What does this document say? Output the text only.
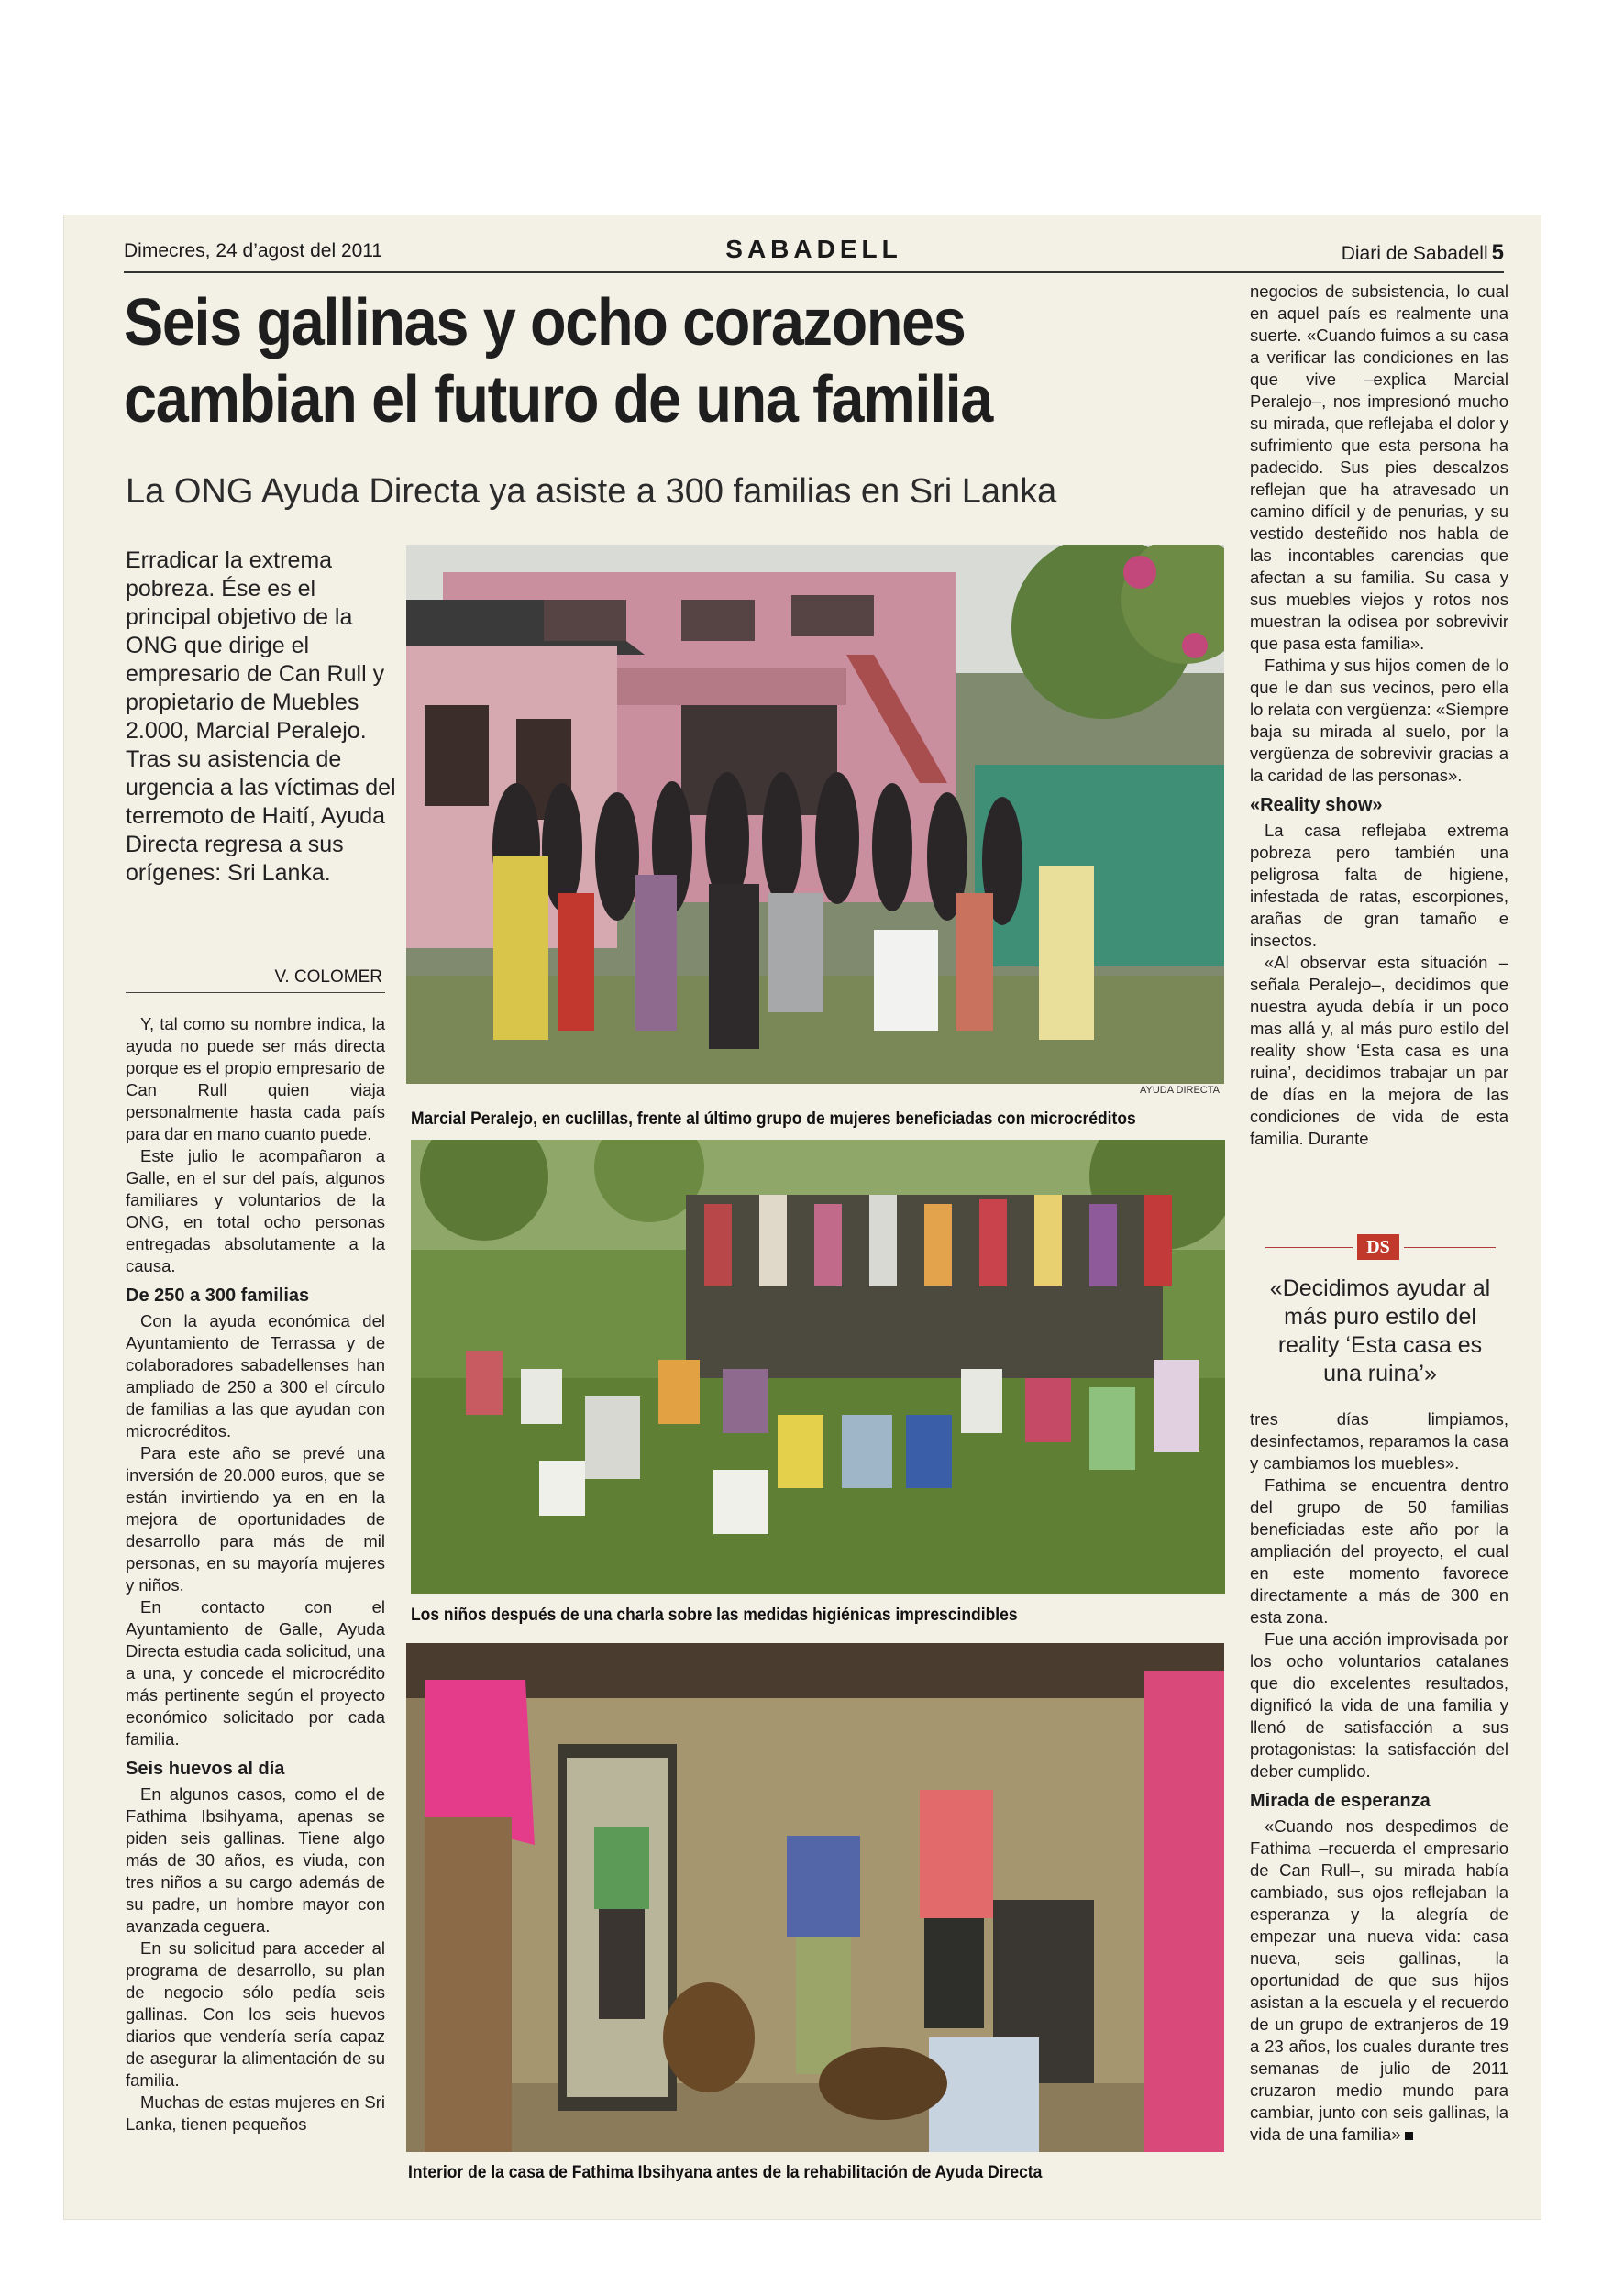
Dimecres, 24 d’agost del 2011	SABADELL	Diari de Sabadell 5
Seis gallinas y ocho corazones cambian el futuro de una familia
La ONG Ayuda Directa ya asiste a 300 familias en Sri Lanka
Erradicar la extrema pobreza. Ése es el principal objetivo de la ONG que dirige el empresario de Can Rull y propietario de Muebles 2.000, Marcial Peralejo. Tras su asistencia de urgencia a las víctimas del terremoto de Haití, Ayuda Directa regresa a sus orígenes: Sri Lanka.
V. COLOMER

Y, tal como su nombre indica, la ayuda no puede ser más directa porque es el propio empresario de Can Rull quien viaja personalmente hasta cada país para dar en mano cuanto puede.

Este julio le acompañaron a Galle, en el sur del país, algunos familiares y voluntarios de la ONG, en total ocho personas entregadas absolutamente a la causa.

De 250 a 300 familias

Con la ayuda económica del Ayuntamiento de Terrassa y de colaboradores sabadellenses han ampliado de 250 a 300 el círculo de familias a las que ayudan con microcréditos.

Para este año se prevé una inversión de 20.000 euros, que se están invirtiendo ya en en la mejora de oportunidades de desarrollo para más de mil personas, en su mayoría mujeres y niños.

En contacto con el Ayuntamiento de Galle, Ayuda Directa estudia cada solicitud, una a una, y concede el microcrédito más pertinente según el proyecto económico solicitado por cada familia.

Seis huevos al día

En algunos casos, como el de Fathima Ibsihyama, apenas se piden seis gallinas. Tiene algo más de 30 años, es viuda, con tres niños a su cargo además de su padre, un hombre mayor con avanzada ceguera.

En su solicitud para acceder al programa de desarrollo, su plan de negocio sólo pedía seis gallinas. Con los seis huevos diarios que vendería sería capaz de asegurar la alimentación de su familia.

Muchas de estas mujeres en Sri Lanka, tienen pequeños

AYUDA DIRECTA
Marcial Peralejo, en cuclillas, frente al último grupo de mujeres beneficiadas con microcréditos
Los niños después de una charla sobre las medidas higiénicas imprescindibles
Interior de la casa de Fathima Ibsihyana antes de la rehabilitación de Ayuda Directa

negocios de subsistencia, lo cual en aquel país es realmente una suerte. «Cuando fuimos a su casa a verificar las condiciones en las que vive –explica Marcial Peralejo–, nos impresionó mucho su mirada, que reflejaba el dolor y sufrimiento que esta persona ha padecido. Sus pies descalzos reflejan que ha atravesado un camino difícil y de penurias, y su vestido desteñido nos habla de las incontables carencias que afectan a su familia. Su casa y sus muebles viejos y rotos nos muestran la odisea por sobrevivir que pasa esta familia».

Fathima y sus hijos comen de lo que le dan sus vecinos, pero ella lo relata con vergüenza: «Siempre baja su mirada al suelo, por la vergüenza de sobrevivir gracias a la caridad de las personas».

«Reality show»

La casa reflejaba extrema pobreza pero también una peligrosa falta de higiene, infestada de ratas, escorpiones, arañas de gran tamaño e insectos.

«Al observar esta situación –señala Peralejo–, decidimos que nuestra ayuda debía ir un poco mas allá y, al más puro estilo del reality show ‘Esta casa es una ruina’, decidimos trabajar un par de días en la mejora de las condiciones de vida de esta familia. Durante

DS
«Decidimos ayudar al más puro estilo del reality ‘Esta casa es una ruina’»

tres días limpiamos, desinfectamos, reparamos la casa y cambiamos los muebles».

Fathima se encuentra dentro del grupo de 50 familias beneficiadas este año por la ampliación del proyecto, el cual en este momento favorece directamente a más de 300 en esta zona.

Fue una acción improvisada por los ocho voluntarios catalanes que dio excelentes resultados, dignificó la vida de una familia y llenó de satisfacción a sus protagonistas: la satisfacción del deber cumplido.

Mirada de esperanza

«Cuando nos despedimos de Fathima –recuerda el empresario de Can Rull–, su mirada había cambiado, sus ojos reflejaban la esperanza y la alegría de empezar una nueva vida: casa nueva, seis gallinas, la oportunidad de que sus hijos asistan a la escuela y el recuerdo de un grupo de extranjeros de 19 a 23 años, los cuales durante tres semanas de julio de 2011 cruzaron medio mundo para cambiar, junto con seis gallinas, la vida de una familia»
